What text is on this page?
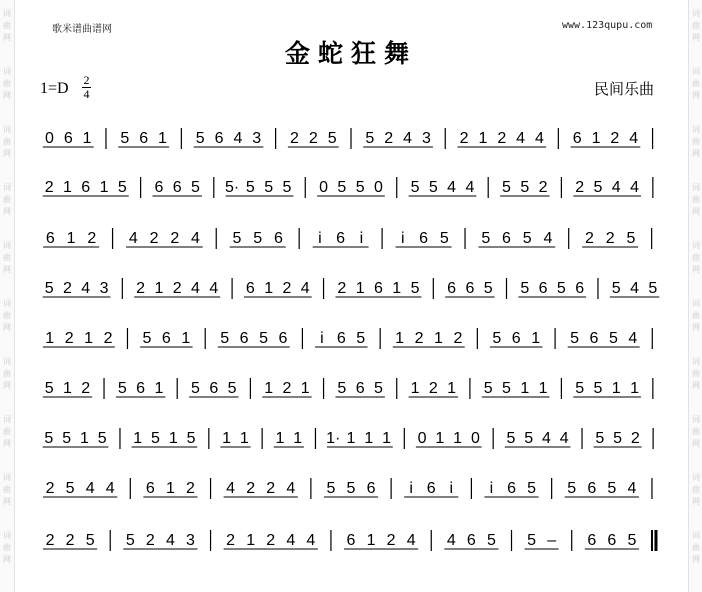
词
曲
网
词
曲
网
词
曲
网
词
曲
网
词
曲
网
词
曲
网
词
曲
网
词
曲
网
词
曲
网
词
曲
网
词
曲
网
词
曲
网
词
曲
网
词
曲
网
词
曲
网
词
曲
网
词
曲
网
词
曲
网
词
曲
网
词
曲
网
歌米谱曲谱网	www.123qupu.com
金蛇狂舞
1=D 2
4	民间乐曲
0 6 1 5 6 1 5 6 4 3 2 2 5 5 2 4 3 2 1 2 4 4 6 1 2 4
2 1 6 1 5 6 6 5 5· 5 5 5 0 5 5 0 5 5 4 4 5 5 2 2 5 4 4
6 1 2 4 2 2 4 5 5 6 i 6 i i 6 5 5 6 5 4 2 2 5
5 2 4 3 2 1 2 4 4 6 1 2 4 2 1 6 1 5 6 6 5 5 6 5 6 5 4 5
1 2 1 2 5 6 1 5 6 5 6 i 6 5 1 2 1 2 5 6 1 5 6 5 4
5 1 2 5 6 1 5 6 5 1 2 1 5 6 5 1 2 1 5 5 1 1 5 5 1 1
5 5 1 5 1 5 1 5 1 1 1 1 1· 1 1 1 0 1 1 0 5 5 4 4 5 5 2
2 5 4 4 6 1 2 4 2 2 4 5 5 6 i 6 i i 6 5 5 6 5 4
2 2 5 5 2 4 3 2 1 2 4 4 6 1 2 4 4 6 5 5 – 6 6 5
